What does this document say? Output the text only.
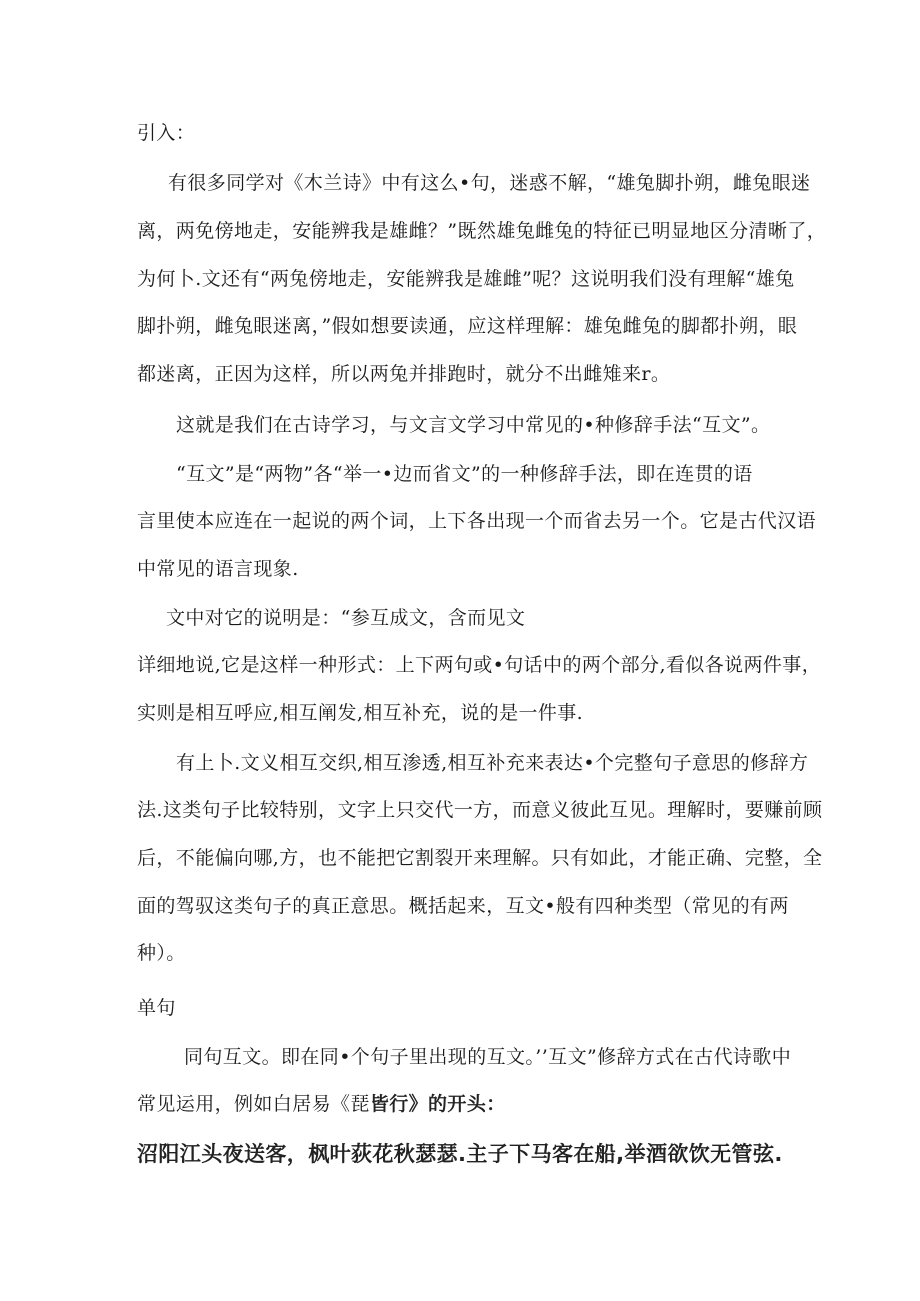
引入：
有很多同学对《木兰诗》中有这么•句，迷惑不解，“雄兔脚扑朔，雌兔眼迷
离，两免傍地走，安能辨我是雄雌？”既然雄兔雌兔的特征已明显地区分清晰了，
为何卜.文还有“两兔傍地走，安能辨我是雄雌”呢？这说明我们没有理解“雄兔
脚扑朔，雌兔眼迷离，”假如想要读通，应这样理解：雄兔雌兔的脚都扑朔，眼
都迷离，正因为这样，所以两兔并排跑时，就分不出雌雉来r。
这就是我们在古诗学习，与文言文学习中常见的•种修辞手法“互文”。
“互文”是“两物”各“举一•边而省文”的一种修辞手法，即在连贯的语
言里使本应连在一起说的两个词，上下各出现一个而省去另一个。它是古代汉语
中常见的语言现象.
文中对它的说明是：“参互成文，含而见文
详细地说,它是这样一种形式：上下两句或•句话中的两个部分,看似各说两件事，
实则是相互呼应,相互阐发,相互补充，说的是一件事.
有上卜.文义相互交织,相互渗透,相互补充来表达•个完整句子意思的修辞方
法.这类句子比较特别，文字上只交代一方，而意义彼此互见。理解时，要赚前顾
后，不能偏向哪,方，也不能把它割裂开来理解。只有如此，才能正确、完整，全
面的驾驭这类句子的真正意思。概括起来，互文•般有四种类型（常见的有两
种）。
单句
同句互文。即在同•个句子里出现的互文。’’互文”修辞方式在古代诗歌中
常见运用，例如白居易《琵皆行》的开头：
沼阳江头夜送客，枫叶荻花秋瑟瑟.主子下马客在船,举酒欲饮无管弦.
